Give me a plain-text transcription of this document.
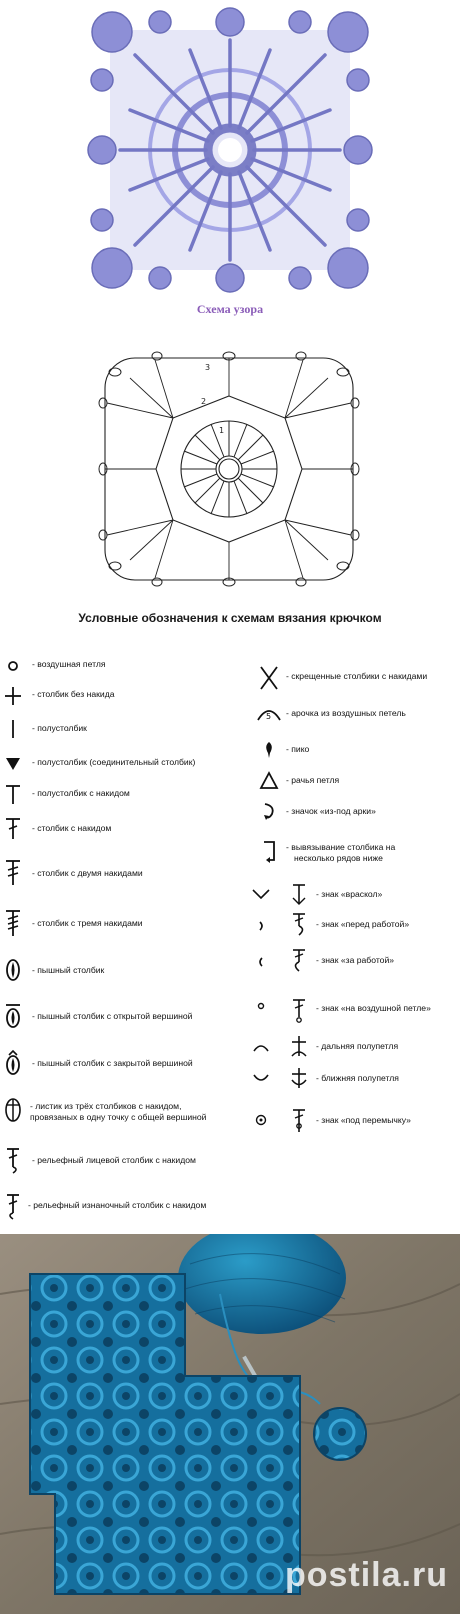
Схема узора
1
2
3
Условные обозначения к схемам вязания крючком
- воздушная петля
- столбик без накида
- полустолбик
- полустолбик (соединительный столбик)
- полустолбик с накидом
- столбик с накидом
- столбик с двумя накидами
- столбик с тремя накидами
- пышный столбик
- пышный столбик с открытой вершиной
- пышный столбик с закрытой вершиной
- листик из трёх столбиков с накидом,
провязаных в одну точку с общей вершиной
- рельефный лицевой столбик с накидом
- рельефный изнаночный столбик с накидом
- скрещенные столбики с накидами
5 - арочка из воздушных петель
- пико
- рачья петля
- значок «из-под арки»
- вывязывание столбика на
несколько рядов ниже
- знак «враскол»
- знак «перед работой»
- знак «за работой»
- знак «на воздушной петле»
- дальняя полупетля
- ближняя полупетля
- знак «под перемычку»
postila.ru
